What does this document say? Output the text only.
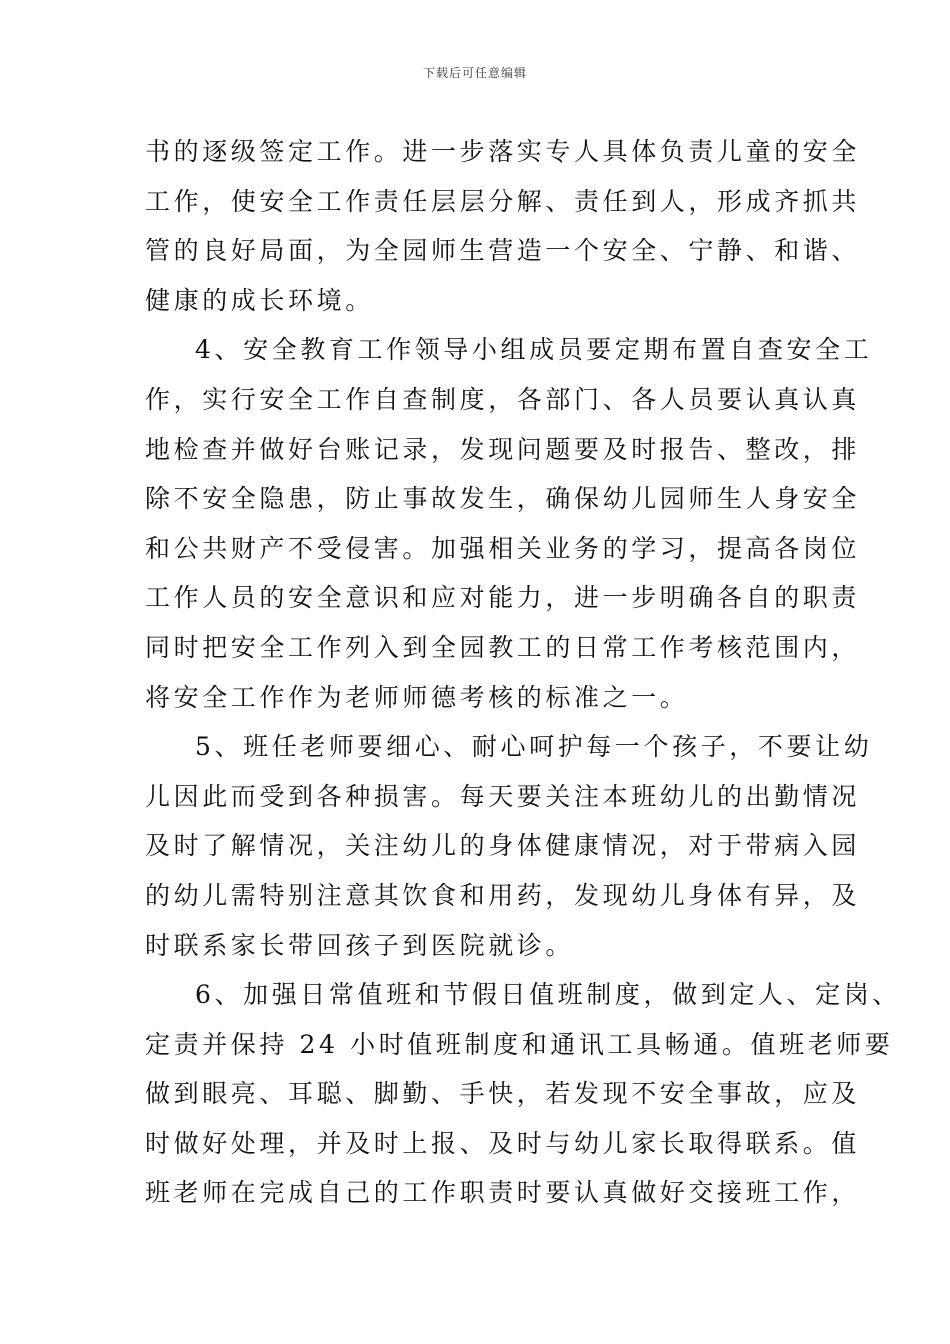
下载后可任意编辑
书的逐级签定工作。进一步落实专人具体负责儿童的安全
工作，使安全工作责任层层分解、责任到人，形成齐抓共
管的良好局面，为全园师生营造一个安全、宁静、和谐、
健康的成长环境。
4、安全教育工作领导小组成员要定期布置自查安全工
作，实行安全工作自查制度，各部门、各人员要认真认真
地检查并做好台账记录，发现问题要及时报告、整改，排
除不安全隐患，防止事故发生，确保幼儿园师生人身安全
和公共财产不受侵害。加强相关业务的学习，提高各岗位
工作人员的安全意识和应对能力，进一步明确各自的职责
同时把安全工作列入到全园教工的日常工作考核范围内，
将安全工作作为老师师德考核的标准之一。
5、班任老师要细心、耐心呵护每一个孩子，不要让幼
儿因此而受到各种损害。每天要关注本班幼儿的出勤情况
及时了解情况，关注幼儿的身体健康情况，对于带病入园
的幼儿需特别注意其饮食和用药，发现幼儿身体有异，及
时联系家长带回孩子到医院就诊。
6、加强日常值班和节假日值班制度，做到定人、定岗、
定责并保持 24 小时值班制度和通讯工具畅通。值班老师要
做到眼亮、耳聪、脚勤、手快，若发现不安全事故，应及
时做好处理，并及时上报、及时与幼儿家长取得联系。值
班老师在完成自己的工作职责时要认真做好交接班工作，
